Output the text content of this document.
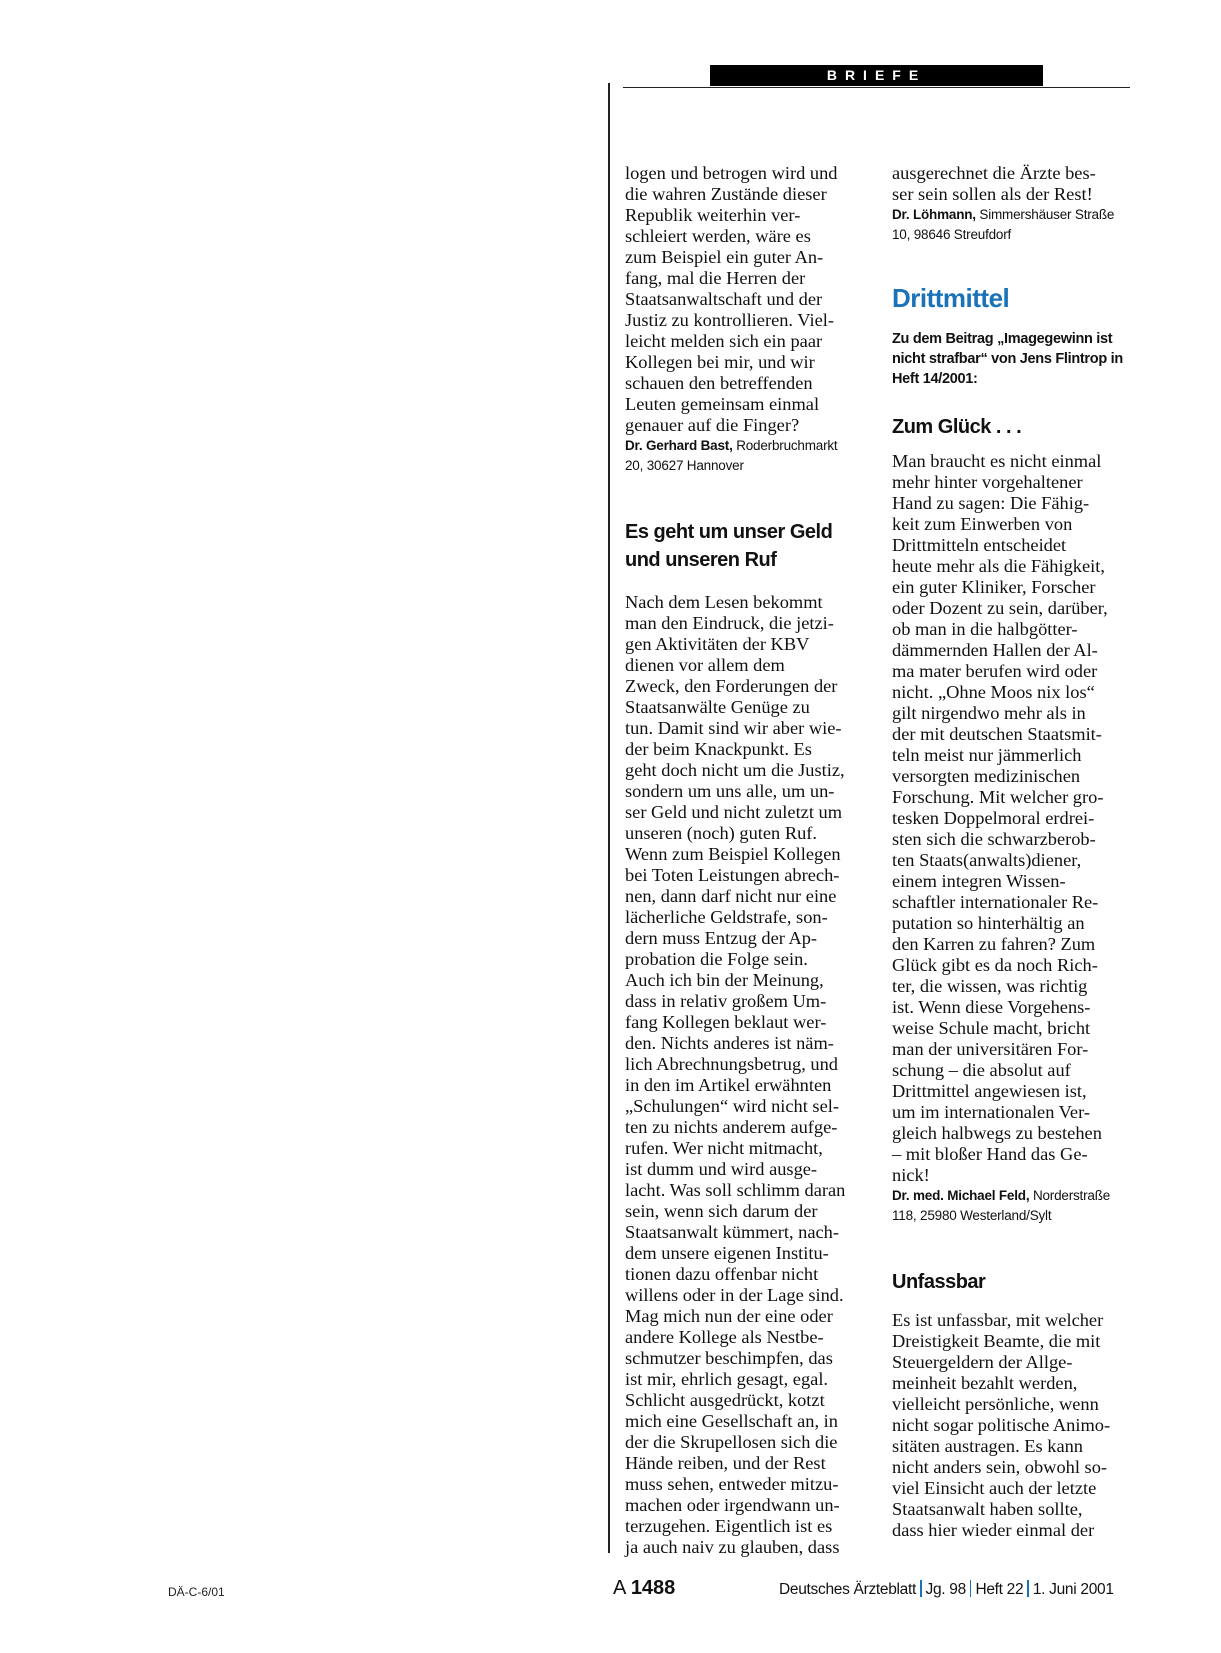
BRIEFE

logen und betrogen wird und
die wahren Zustände dieser
Republik weiterhin ver-
schleiert werden, wäre es
zum Beispiel ein guter An-
fang, mal die Herren der
Staatsanwaltschaft und der
Justiz zu kontrollieren. Viel-
leicht melden sich ein paar
Kollegen bei mir, und wir
schauen den betreffenden
Leuten gemeinsam einmal
genauer auf die Finger?

Dr. Gerhard Bast, Roderbruchmarkt
20, 30627 Hannover
Es geht um unser Geld
und unseren Ruf

Nach dem Lesen bekommt
man den Eindruck, die jetzi-
gen Aktivitäten der KBV
dienen vor allem dem
Zweck, den Forderungen der
Staatsanwälte Genüge zu
tun. Damit sind wir aber wie-
der beim Knackpunkt. Es
geht doch nicht um die Justiz,
sondern um uns alle, um un-
ser Geld und nicht zuletzt um
unseren (noch) guten Ruf.
Wenn zum Beispiel Kollegen
bei Toten Leistungen abrech-
nen, dann darf nicht nur eine
lächerliche Geldstrafe, son-
dern muss Entzug der Ap-
probation die Folge sein.
Auch ich bin der Meinung,
dass in relativ großem Um-
fang Kollegen beklaut wer-
den. Nichts anderes ist näm-
lich Abrechnungsbetrug, und
in den im Artikel erwähnten
„Schulungen“ wird nicht sel-
ten zu nichts anderem aufge-
rufen. Wer nicht mitmacht,
ist dumm und wird ausge-
lacht. Was soll schlimm daran
sein, wenn sich darum der
Staatsanwalt kümmert, nach-
dem unsere eigenen Institu-
tionen dazu offenbar nicht
willens oder in der Lage sind.
Mag mich nun der eine oder
andere Kollege als Nestbe-
schmutzer beschimpfen, das
ist mir, ehrlich gesagt, egal.
Schlicht ausgedrückt, kotzt
mich eine Gesellschaft an, in
der die Skrupellosen sich die
Hände reiben, und der Rest
muss sehen, entweder mitzu-
machen oder irgendwann un-
terzugehen. Eigentlich ist es
ja auch naiv zu glauben, dass

ausgerechnet die Ärzte bes-
ser sein sollen als der Rest!

Dr. Löhmann, Simmershäuser Straße
10, 98646 Streufdorf
Drittmittel
Zu dem Beitrag „Imagegewinn ist
nicht strafbar“ von Jens Flintrop in
Heft 14/2001:
Zum Glück . . .

Man braucht es nicht einmal
mehr hinter vorgehaltener
Hand zu sagen: Die Fähig-
keit zum Einwerben von
Drittmitteln entscheidet
heute mehr als die Fähigkeit,
ein guter Kliniker, Forscher
oder Dozent zu sein, darüber,
ob man in die halbgötter-
dämmernden Hallen der Al-
ma mater berufen wird oder
nicht. „Ohne Moos nix los“
gilt nirgendwo mehr als in
der mit deutschen Staatsmit-
teln meist nur jämmerlich
versorgten medizinischen
Forschung. Mit welcher gro-
tesken Doppelmoral erdrei-
sten sich die schwarzberob-
ten Staats(anwalts)diener,
einem integren Wissen-
schaftler internationaler Re-
putation so hinterhältig an
den Karren zu fahren? Zum
Glück gibt es da noch Rich-
ter, die wissen, was richtig
ist. Wenn diese Vorgehens-
weise Schule macht, bricht
man der universitären For-
schung – die absolut auf
Drittmittel angewiesen ist,
um im internationalen Ver-
gleich halbwegs zu bestehen
– mit bloßer Hand das Ge-
nick!

Dr. med. Michael Feld, Norderstraße
118, 25980 Westerland/Sylt
Unfassbar

Es ist unfassbar, mit welcher
Dreistigkeit Beamte, die mit
Steuergeldern der Allge-
meinheit bezahlt werden,
vielleicht persönliche, wenn
nicht sogar politische Animo-
sitäten austragen. Es kann
nicht anders sein, obwohl so-
viel Einsicht auch der letzte
Staatsanwalt haben sollte,
dass hier wieder einmal der

DÄ-C-6/01	A 1488	Deutsches Ärzteblatt Jg. 98 Heft 22 1. Juni 2001
